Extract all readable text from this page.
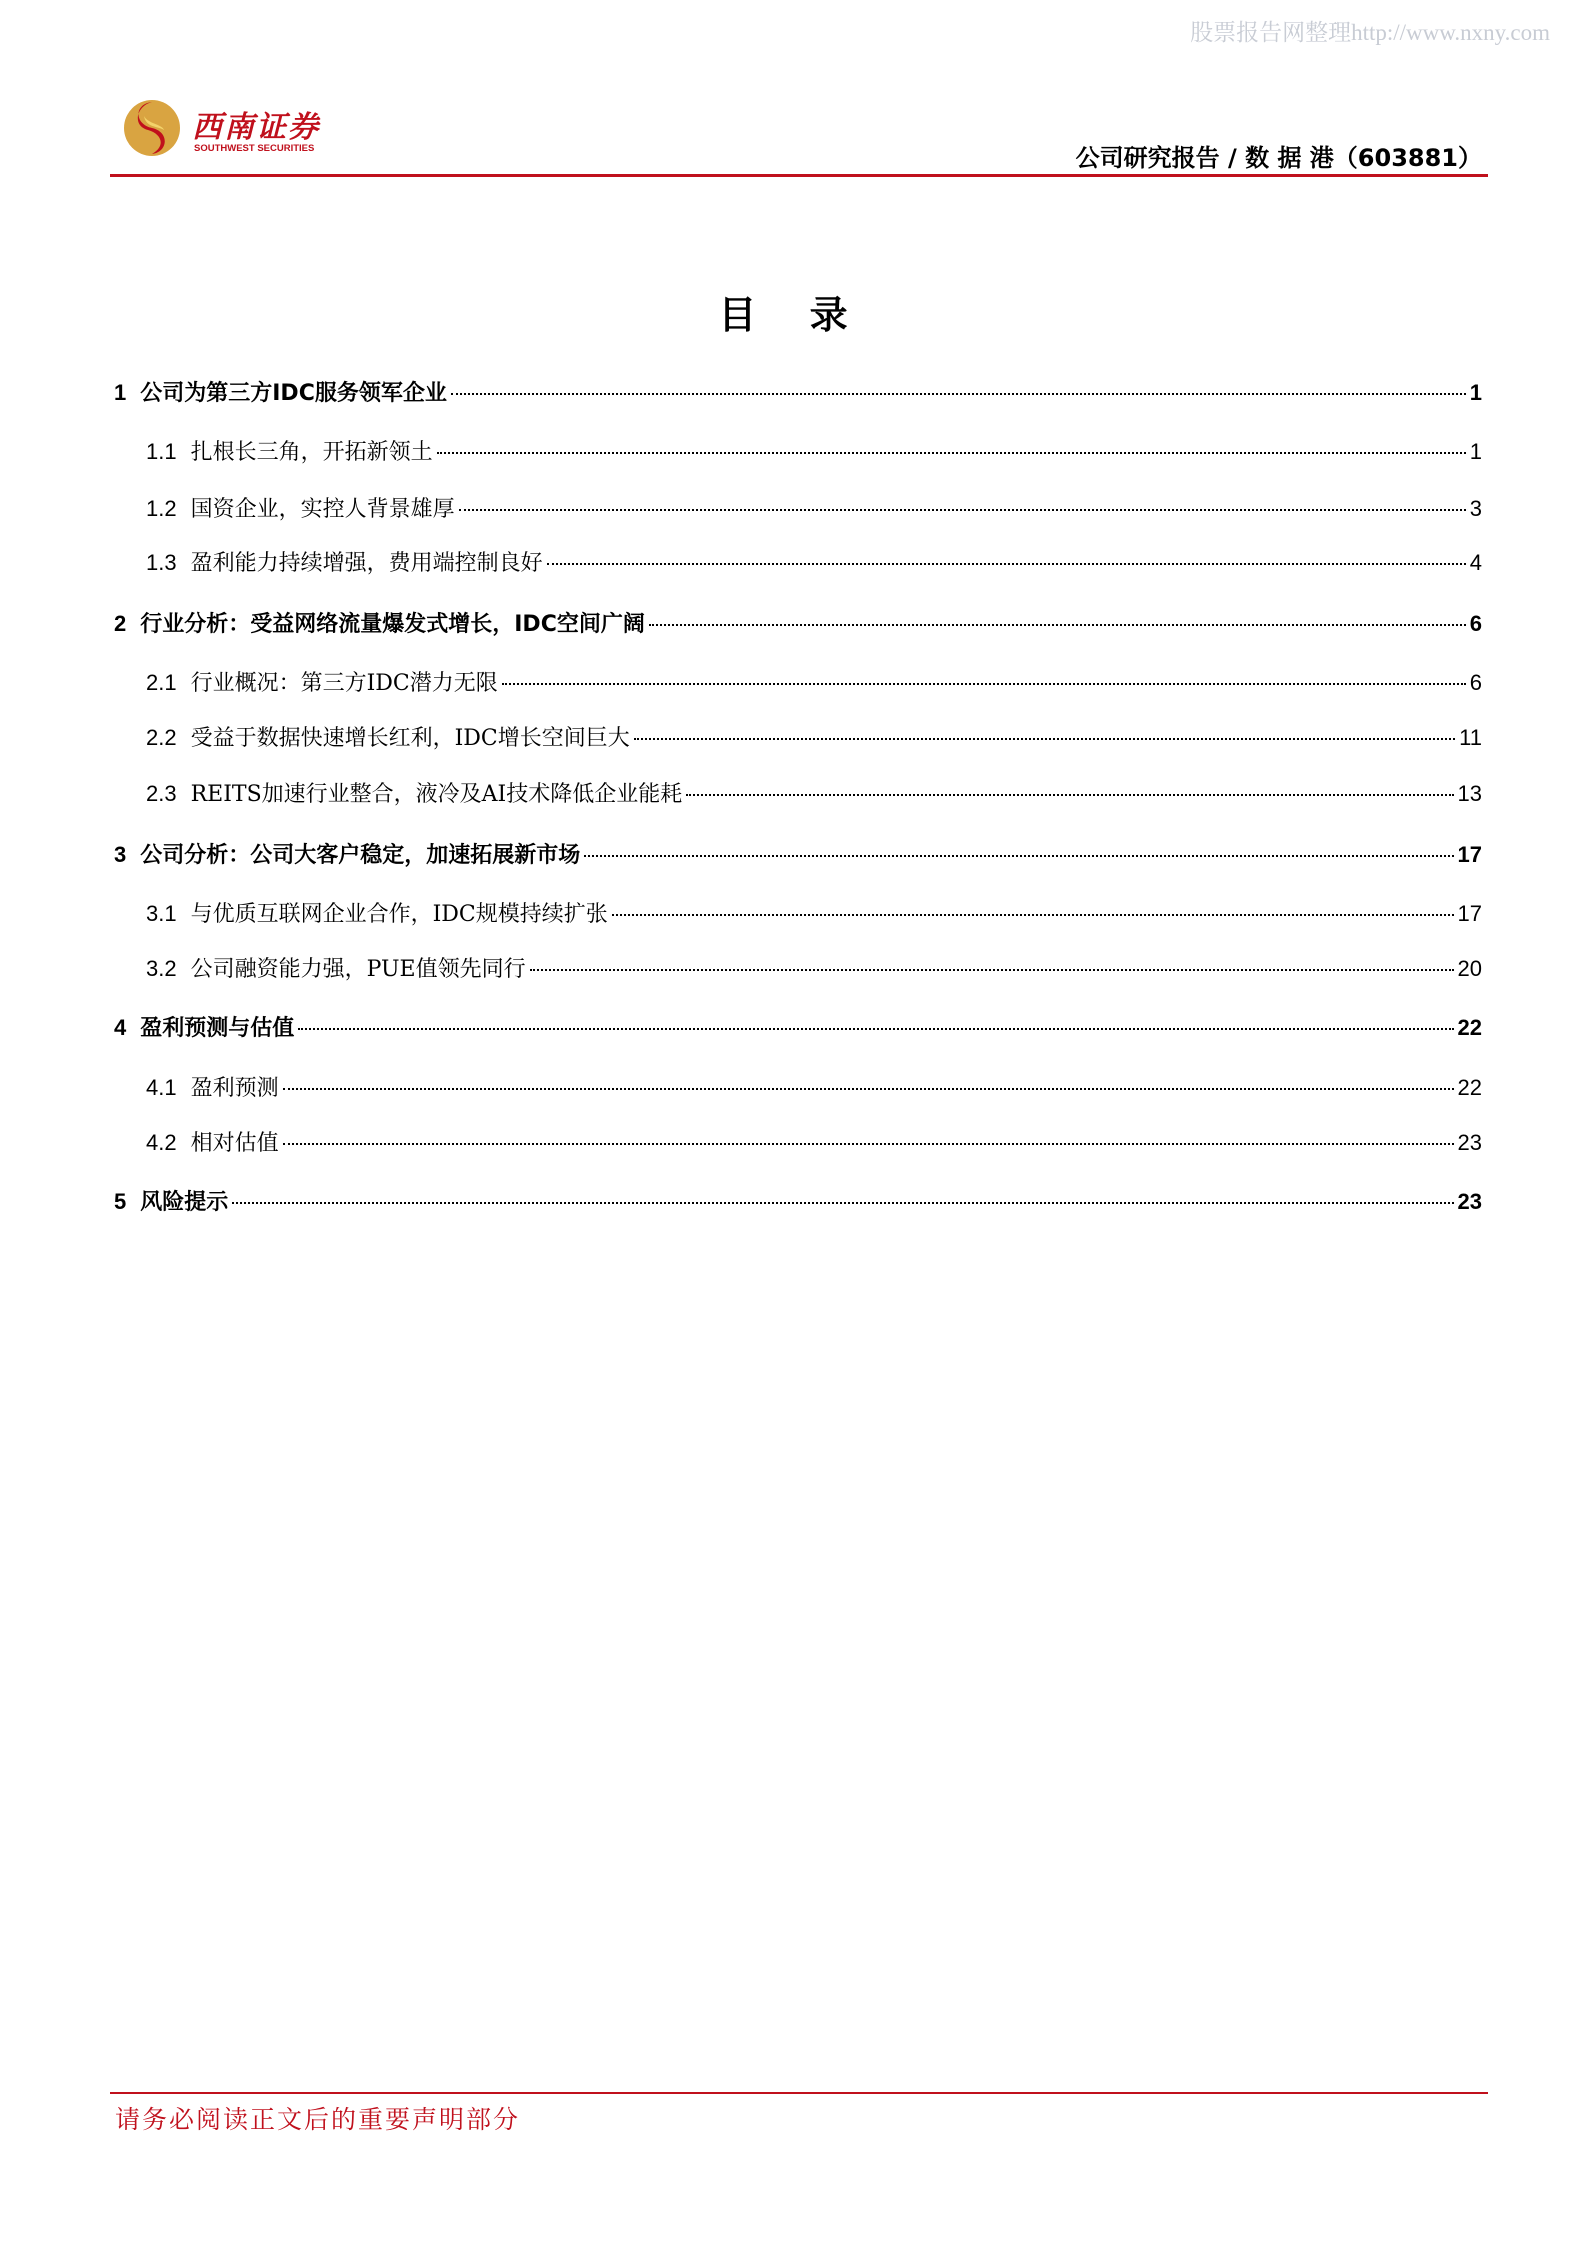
股票报告网整理http://www.nxny.com
西南证券
SOUTHWEST SECURITIES	公司研究报告 / 数 据 港（603881）
目 录
1 公司为第三方IDC服务领军企业	1
1.1 扎根长三角，开拓新领土	1
1.2 国资企业，实控人背景雄厚	3
1.3 盈利能力持续增强，费用端控制良好	4
2 行业分析：受益网络流量爆发式增长，IDC空间广阔	6
2.1 行业概况：第三方IDC潜力无限	6
2.2 受益于数据快速增长红利，IDC增长空间巨大	11
2.3 REITS加速行业整合，液冷及AI技术降低企业能耗	13
3 公司分析：公司大客户稳定，加速拓展新市场	17
3.1 与优质互联网企业合作，IDC规模持续扩张	17
3.2 公司融资能力强，PUE值领先同行	20
4 盈利预测与估值	22
4.1 盈利预测	22
4.2 相对估值	23
5 风险提示	23
请务必阅读正文后的重要声明部分
